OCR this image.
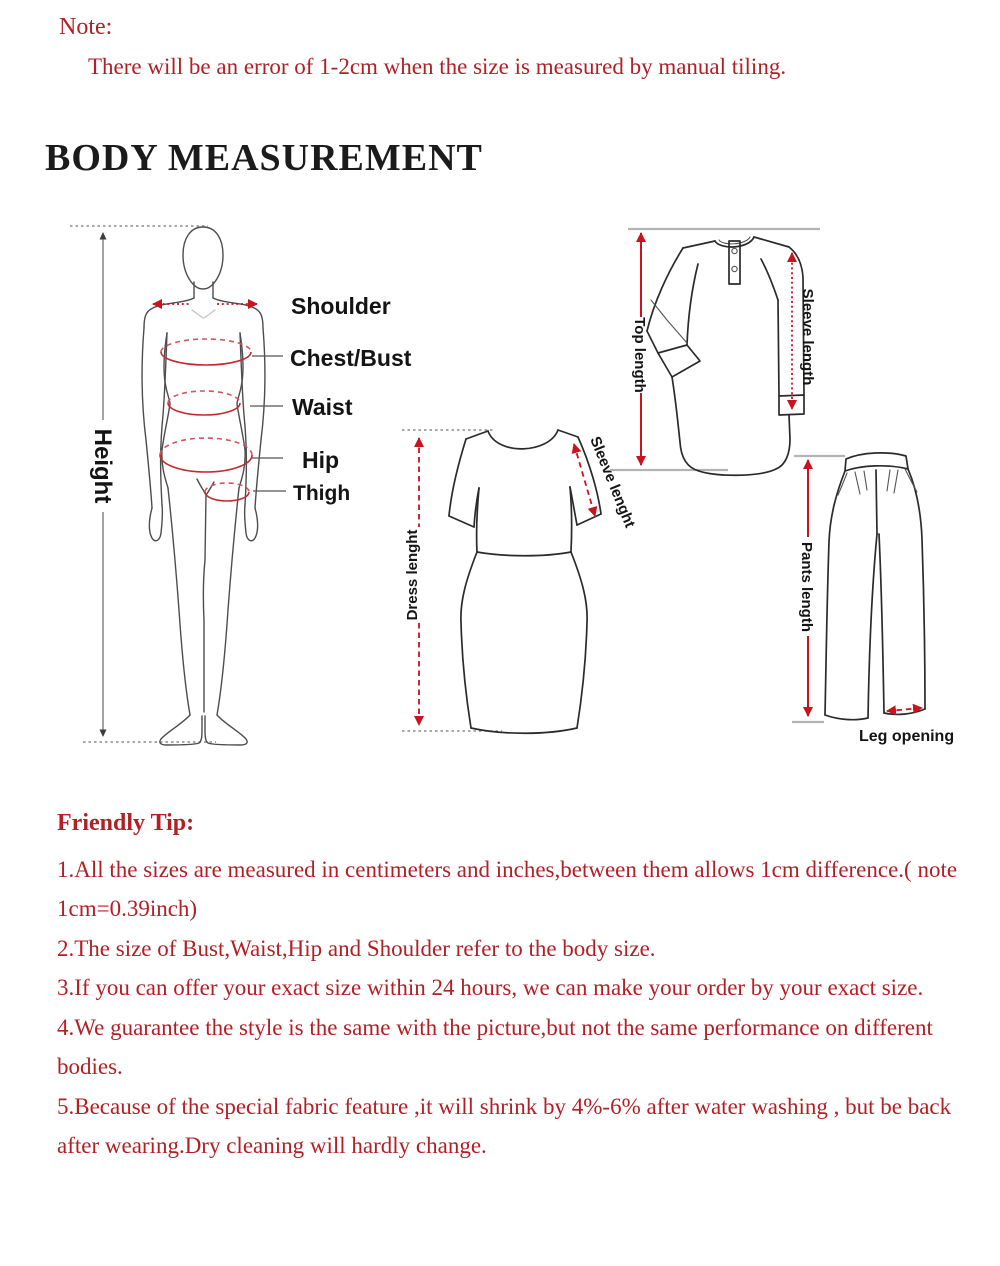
Note:
There will be an error of 1-2cm when the size is measured by manual tiling.
BODY MEASUREMENT
Height
Shoulder
Chest/Bust
Waist
Hip
Thigh
Dress lenght
Sleeve lenght
Top length	Sleeve length
Pants length
Leg opening

Friendly Tip:

1.All the sizes are measured in centimeters and inches,between them allows 1cm difference.( note 1cm=0.39inch)

2.The size of Bust,Waist,Hip and Shoulder refer to the body size.

3.If you can offer your exact size within 24 hours, we can make your order by your exact size.

4.We guarantee the style is the same with the picture,but not the same performance on different bodies.

5.Because of the special fabric feature ,it will shrink by 4%-6% after water washing , but be back after wearing.Dry cleaning will hardly change.
